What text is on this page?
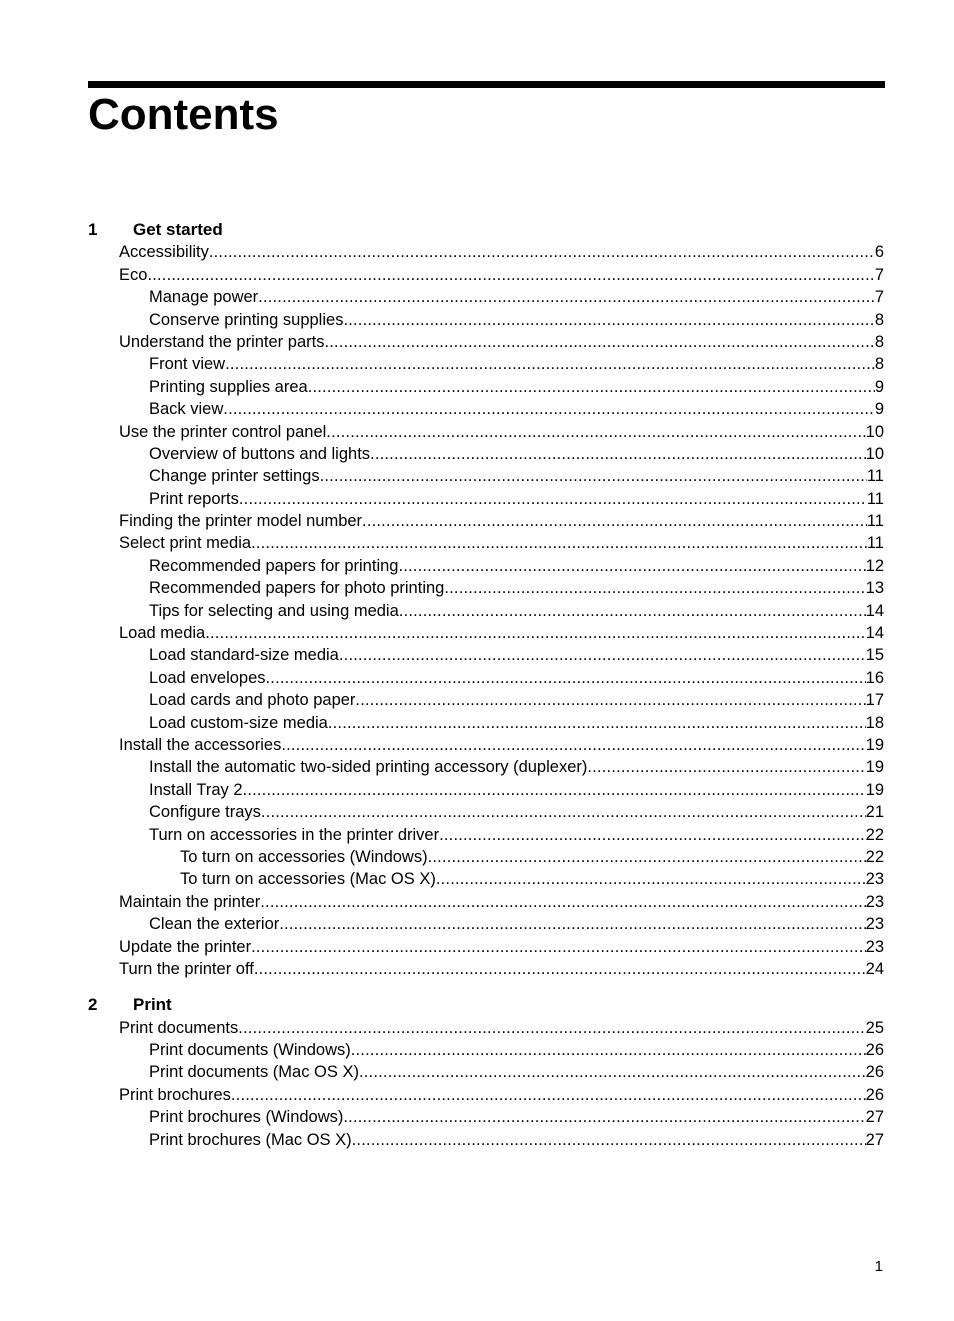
Contents
1	Get started
Accessibility .....	6
Eco .....	7
Manage power .....	7
Conserve printing supplies .....	8
Understand the printer parts .....	8
Front view .....	8
Printing supplies area .....	9
Back view .....	9
Use the printer control panel .....	10
Overview of buttons and lights .....	10
Change printer settings .....	11
Print reports .....	11
Finding the printer model number .....	11
Select print media .....	11
Recommended papers for printing .....	12
Recommended papers for photo printing .....	13
Tips for selecting and using media .....	14
Load media .....	14
Load standard-size media .....	15
Load envelopes .....	16
Load cards and photo paper .....	17
Load custom-size media .....	18
Install the accessories .....	19
Install the automatic two-sided printing accessory (duplexer) .....	19
Install Tray 2 .....	19
Configure trays .....	21
Turn on accessories in the printer driver .....	22
To turn on accessories (Windows) .....	22
To turn on accessories (Mac OS X) .....	23
Maintain the printer .....	23
Clean the exterior .....	23
Update the printer .....	23
Turn the printer off .....	24
2	Print
Print documents .....	25
Print documents (Windows) .....	26
Print documents (Mac OS X) .....	26
Print brochures .....	26
Print brochures (Windows) .....	27
Print brochures (Mac OS X) .....	27
1
